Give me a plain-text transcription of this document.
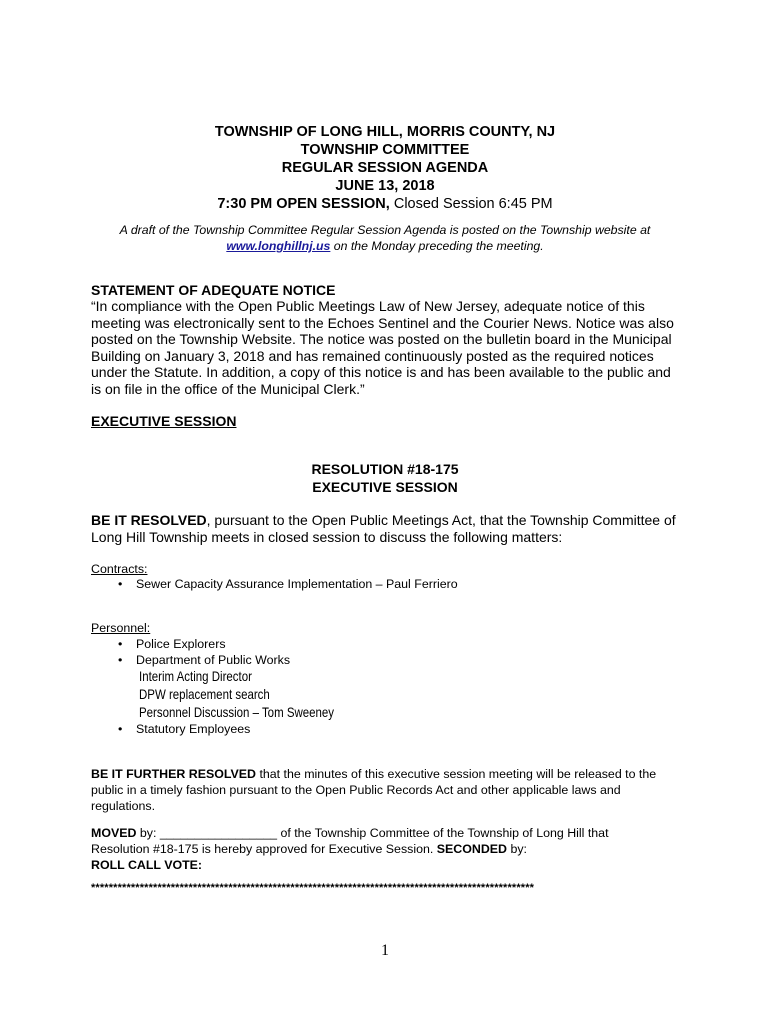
TOWNSHIP OF LONG HILL, MORRIS COUNTY, NJ
TOWNSHIP COMMITTEE
REGULAR SESSION AGENDA
JUNE 13, 2018
7:30 PM OPEN SESSION, Closed Session 6:45 PM
A draft of the Township Committee Regular Session Agenda is posted on the Township website at
www.longhillnj.us on the Monday preceding the meeting.
STATEMENT OF ADEQUATE NOTICE
“In compliance with the Open Public Meetings Law of New Jersey, adequate notice of this
meeting was electronically sent to the Echoes Sentinel and the Courier News. Notice was also
posted on the Township Website. The notice was posted on the bulletin board in the Municipal
Building on January 3, 2018 and has remained continuously posted as the required notices
under the Statute. In addition, a copy of this notice is and has been available to the public and
is on file in the office of the Municipal Clerk.”
EXECUTIVE SESSION
RESOLUTION #18-175
EXECUTIVE SESSION
BE IT RESOLVED, pursuant to the Open Public Meetings Act, that the Township Committee of
Long Hill Township meets in closed session to discuss the following matters:
Contracts:
• Sewer Capacity Assurance Implementation – Paul Ferriero
Personnel:
• Police Explorers
• Department of Public Works
Interim Acting Director
DPW replacement search
Personnel Discussion – Tom Sweeney
• Statutory Employees
BE IT FURTHER RESOLVED that the minutes of this executive session meeting will be released to the
public in a timely fashion pursuant to the Open Public Records Act and other applicable laws and
regulations.
MOVED by: _________________ of the Township Committee of the Township of Long Hill that
Resolution #18-175 is hereby approved for Executive Session. SECONDED by:
ROLL CALL VOTE:
****************************************************************************************************
1
